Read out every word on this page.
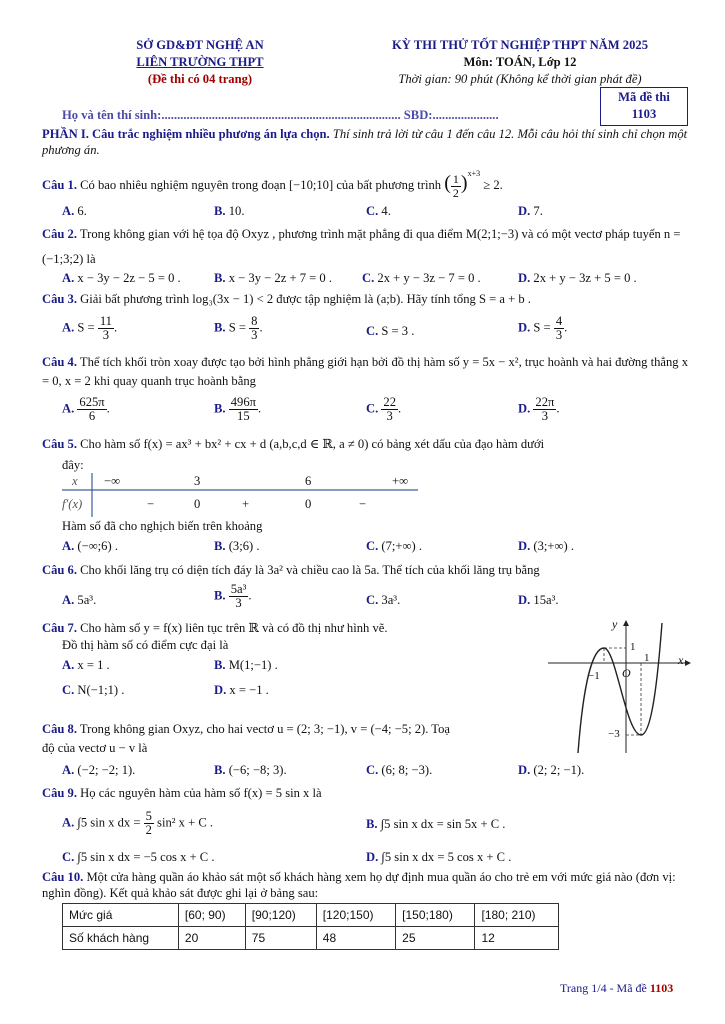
SỞ GD&ĐT NGHỆ AN
LIÊN TRƯỜNG THPT
(Đề thi có 04 trang)
KỲ THI THỬ TỐT NGHIỆP THPT NĂM 2025
Môn: TOÁN, Lớp 12
Thời gian: 90 phút (Không kể thời gian phát đề)
Mã đề thi
1103
Họ và tên thí sinh:............................................................................ SBD:.....................
PHẦN I. Câu trắc nghiệm nhiều phương án lựa chọn. Thí sinh trả lời từ câu 1 đến câu 12. Mỗi câu hỏi thí sinh chỉ chọn một phương án.
Câu 1. Có bao nhiêu nghiệm nguyên trong đoạn [−10;10] của bất phương trình ( $\frac{1}{2} )^{x+3} \ge 2$.
A. 6.	B. 10.	C. 4.	D. 7.
Câu 2. Trong không gian với hệ tọa độ Oxyz , phương trình mặt phẳng đi qua điểm M(2;1;−3) và có một vectơ pháp tuyến n = (−1;3;2) là
A. x − 3y − 2z − 5 = 0 .	B. x − 3y − 2z + 7 = 0 . C. 2x + y − 3z − 7 = 0 .	D. 2x + y − 3z + 5 = 0 .
Câu 3. Giải bất phương trình log₃(3x − 1) < 2 được tập nghiệm là (a;b). Hãy tính tổng S = a + b .
A. $S = \frac{11}{3}$ .	B. $S = \frac{8}{3}$ .	C. S = 3 .	D. $S = \frac{4}{3}$ .
Câu 4. Thể tích khối tròn xoay được tạo bởi hình phẳng giới hạn bởi đồ thị hàm số y = 5x − x², trục hoành và hai đường thẳng x = 0, x = 2 khi quay quanh trục hoành bằng
A. $\frac{625\pi}{6}$ .	B. $\frac{496\pi}{15}$ .	C. $\frac{22}{3}$ .	D. $\frac{22\pi}{3}$ .
Câu 5. Cho hàm số f(x) = ax³ + bx² + cx + d (a,b,c,d ∈ ℝ, a ≠ 0) có bảng xét dấu của đạo hàm dưới
đây:
x −∞	3	6	+∞
f′(x)	−	0	+	0	−
Hàm số đã cho nghịch biến trên khoảng
A. (−∞;6) .	B. (3;6) .	C. (7;+∞) .	D. (3;+∞) .
Câu 6. Cho khối lăng trụ có diện tích đáy là 3a² và chiều cao là 5a. Thể tích của khối lăng trụ bằng
A. 5a³.	B. $\frac{\text{5a³}}{3}$ .	C. 3a³.	D. 15a³.
Câu 7. Cho hàm số y = f(x) liên tục trên ℝ và có đồ thị như hình vẽ.
Đồ thị hàm số có điểm cực đại là
A. x = 1 .	B. M(1;−1) .
C. N(−1;1) .	D. x = −1 .
y
x
O
1
−1
1
−3
Câu 8. Trong không gian Oxyz, cho hai vectơ u = (2; 3; −1), v = (−4; −5; 2). Toạ
độ của vectơ u − v là
A. (−2; −2; 1).	B. (−6; −8; 3).	C. (6; 8; −3).	D. (2; 2; −1).
Câu 9. Họ các nguyên hàm của hàm số f(x) = 5 sin x là
A. ∫5 sin x dx = $\frac{5}{2} \sin^2$ x + C .	B. ∫5 sin x dx = sin 5x + C .
C. ∫5 sin x dx = −5 cos x + C .	D. ∫5 sin x dx = 5 cos x + C .
Câu 10. Một cửa hàng quần áo khảo sát một số khách hàng xem họ dự định mua quần áo cho trẻ em với mức giá nào (đơn vị: nghìn đồng). Kết quả khảo sát được ghi lại ở bảng sau:
Mức giá	[60; 90)	[90;120)	[120;150)	[150;180)	[180; 210)
Số khách hàng	20	75	48	25	12
Trang 1/4 - Mã đề 1103
